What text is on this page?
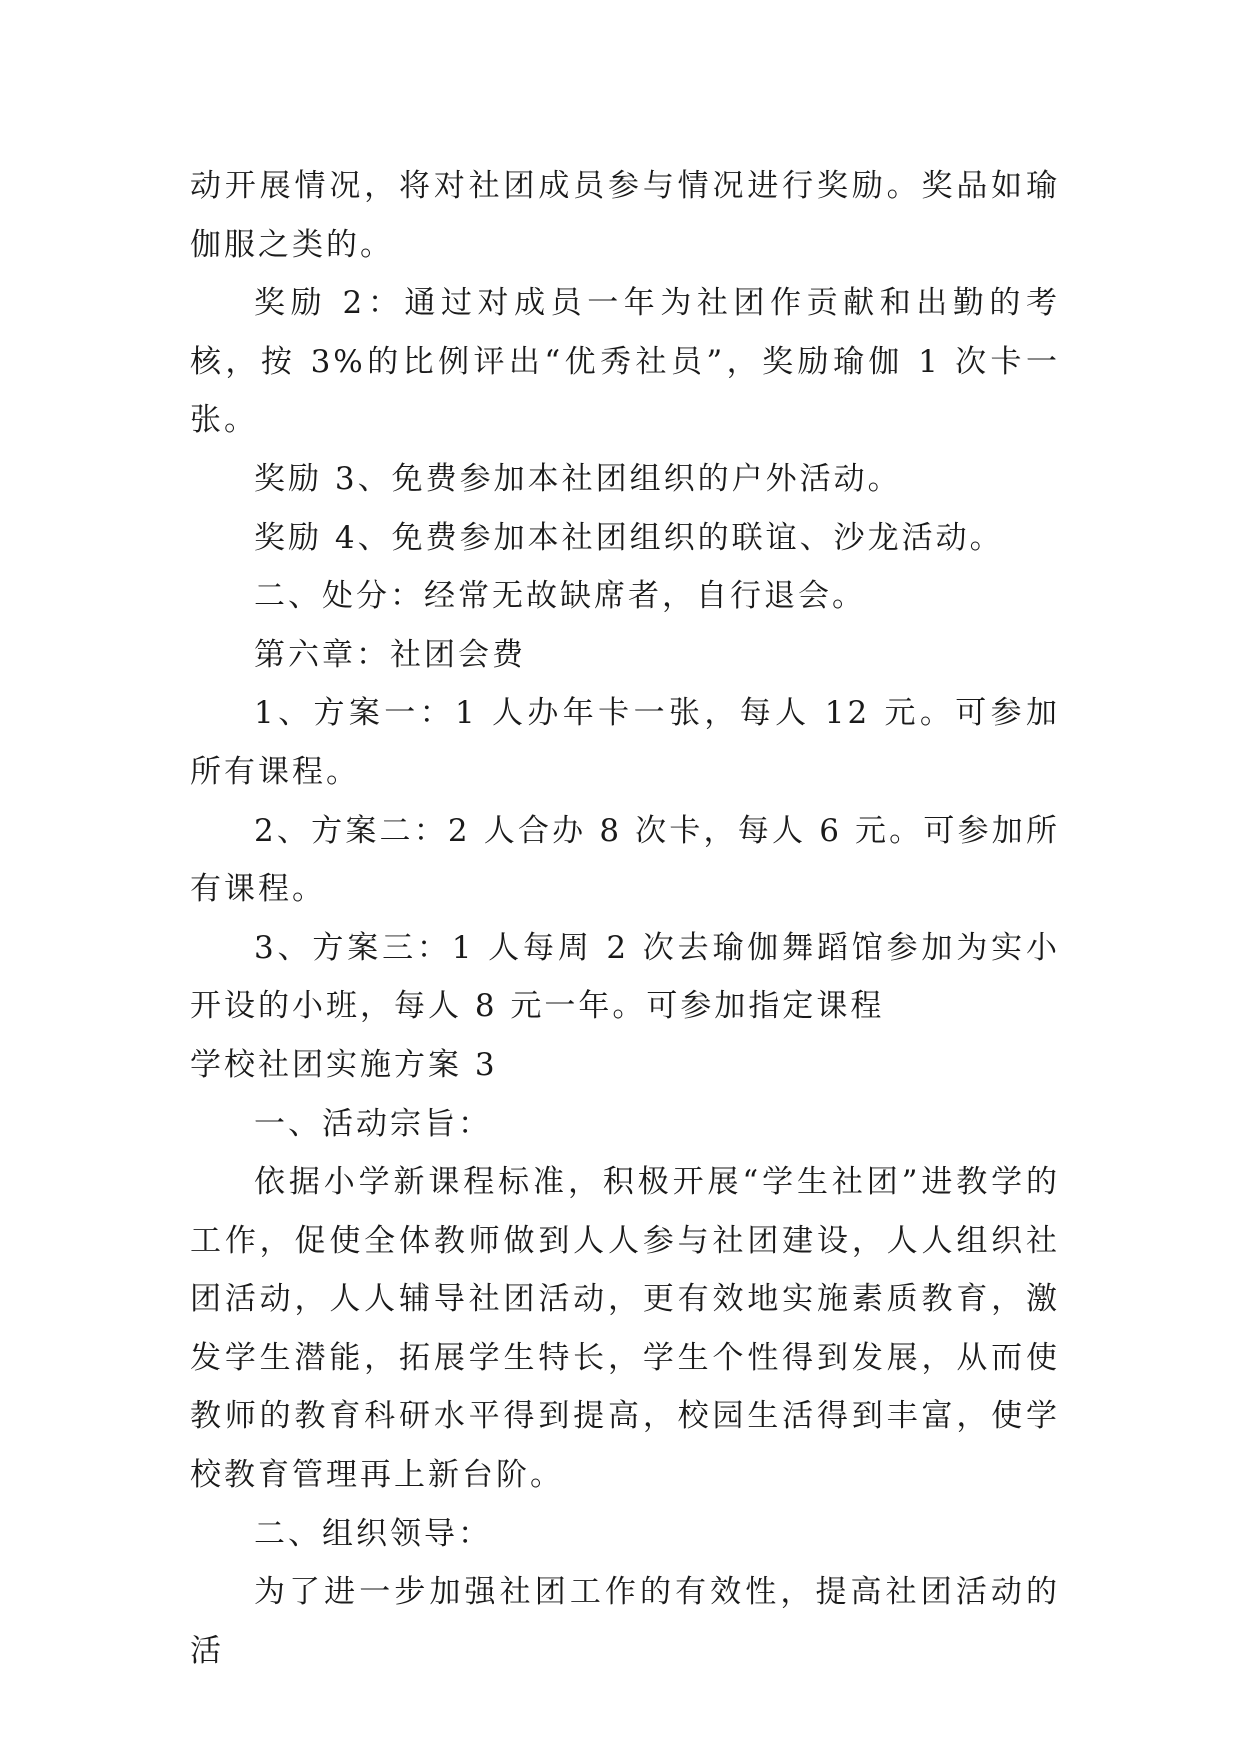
动开展情况，将对社团成员参与情况进行奖励。奖品如瑜伽服之类的。

奖励 2：通过对成员一年为社团作贡献和出勤的考核，按 3%的比例评出“优秀社员”，奖励瑜伽 1 次卡一张。

奖励 3、免费参加本社团组织的户外活动。

奖励 4、免费参加本社团组织的联谊、沙龙活动。

二、处分：经常无故缺席者，自行退会。

第六章：社团会费

1、方案一：1 人办年卡一张，每人 12 元。可参加所有课程。

2、方案二：2 人合办 8 次卡，每人 6 元。可参加所有课程。

3、方案三：1 人每周 2 次去瑜伽舞蹈馆参加为实小开设的小班，每人 8 元一年。可参加指定课程

学校社团实施方案 3

一、活动宗旨：

依据小学新课程标准，积极开展“学生社团”进教学的工作，促使全体教师做到人人参与社团建设，人人组织社团活动，人人辅导社团活动，更有效地实施素质教育，激发学生潜能，拓展学生特长，学生个性得到发展，从而使教师的教育科研水平得到提高，校园生活得到丰富，使学校教育管理再上新台阶。

二、组织领导：

为了进一步加强社团工作的有效性，提高社团活动的活
